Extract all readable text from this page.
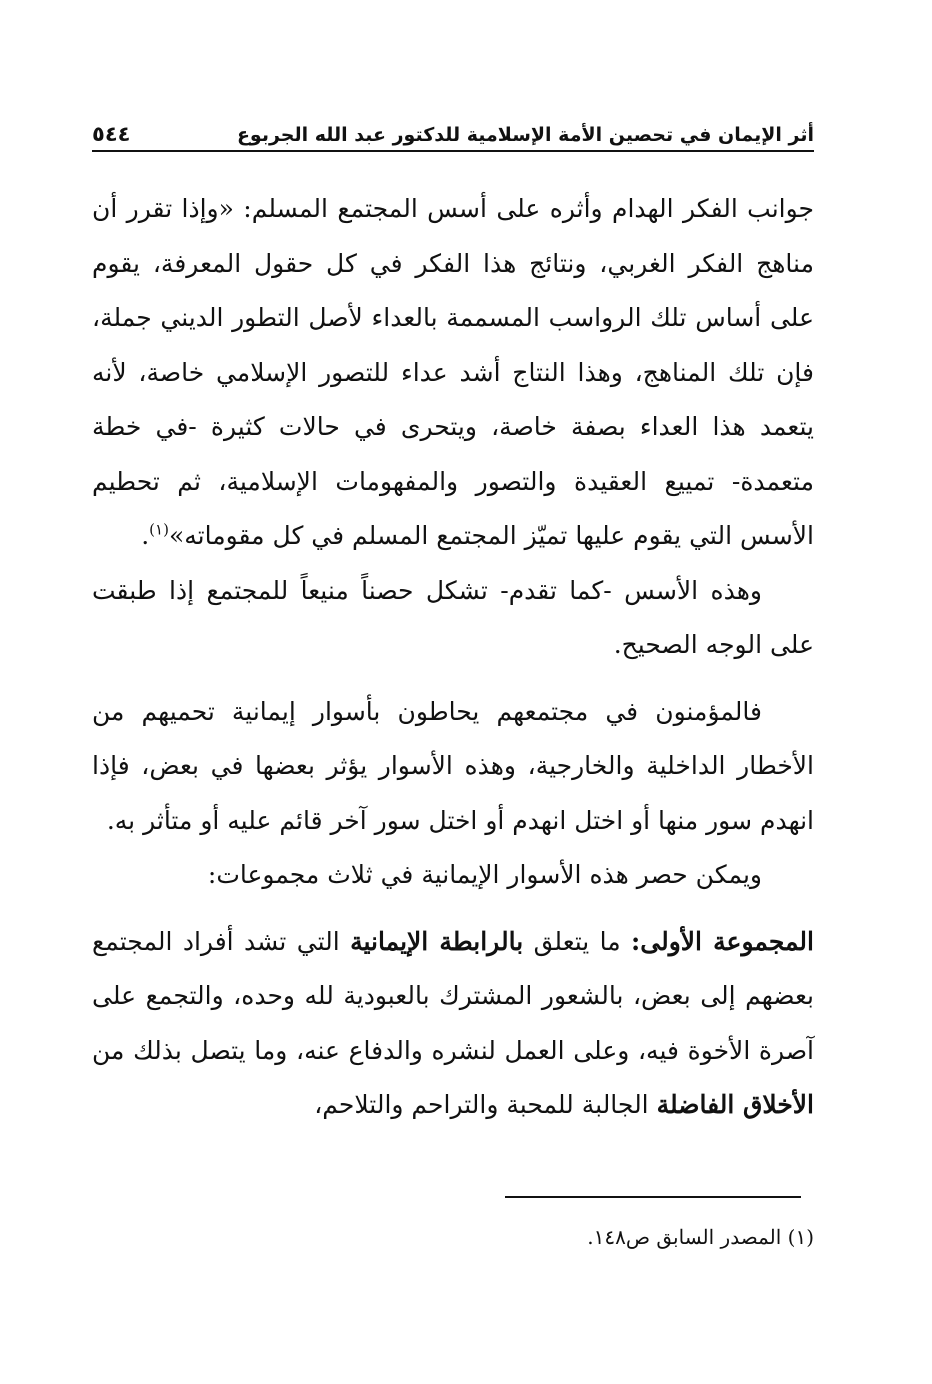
أثر الإيمان في تحصين الأمة الإسلامية للدكتور عبد الله الجربوع
٥٤٤

جوانب الفكر الهدام وأثره على أسس المجتمع المسلم: «وإذا تقرر أن مناهج الفكر الغربي، ونتائج هذا الفكر في كل حقول المعرفة، يقوم على أساس تلك الرواسب المسممة بالعداء لأصل التطور الديني جملة، فإن تلك المناهج، وهذا النتاج أشد عداء للتصور الإسلامي خاصة، لأنه يتعمد هذا العداء بصفة خاصة، ويتحرى في حالات كثيرة -في خطة متعمدة- تمييع العقيدة والتصور والمفهومات الإسلامية، ثم تحطيم الأسس التي يقوم عليها تميّز المجتمع المسلم في كل مقوماته»$^{(١)}$.

وهذه الأسس -كما تقدم- تشكل حصناً منيعاً للمجتمع إذا طبقت على الوجه الصحيح.

فالمؤمنون في مجتمعهم يحاطون بأسوار إيمانية تحميهم من الأخطار الداخلية والخارجية، وهذه الأسوار يؤثر بعضها في بعض، فإذا انهدم سور منها أو اختل انهدم أو اختل سور آخر قائم عليه أو متأثر به.

ويمكن حصر هذه الأسوار الإيمانية في ثلاث مجموعات:

المجموعة الأولى: ما يتعلق بالرابطة الإيمانية التي تشد أفراد المجتمع بعضهم إلى بعض، بالشعور المشترك بالعبودية لله وحده، والتجمع على آصرة الأخوة فيه، وعلى العمل لنشره والدفاع عنه، وما يتصل بذلك من الأخلاق الفاضلة الجالبة للمحبة والتراحم والتلاحم،

(١) المصدر السابق ص١٤٨.
